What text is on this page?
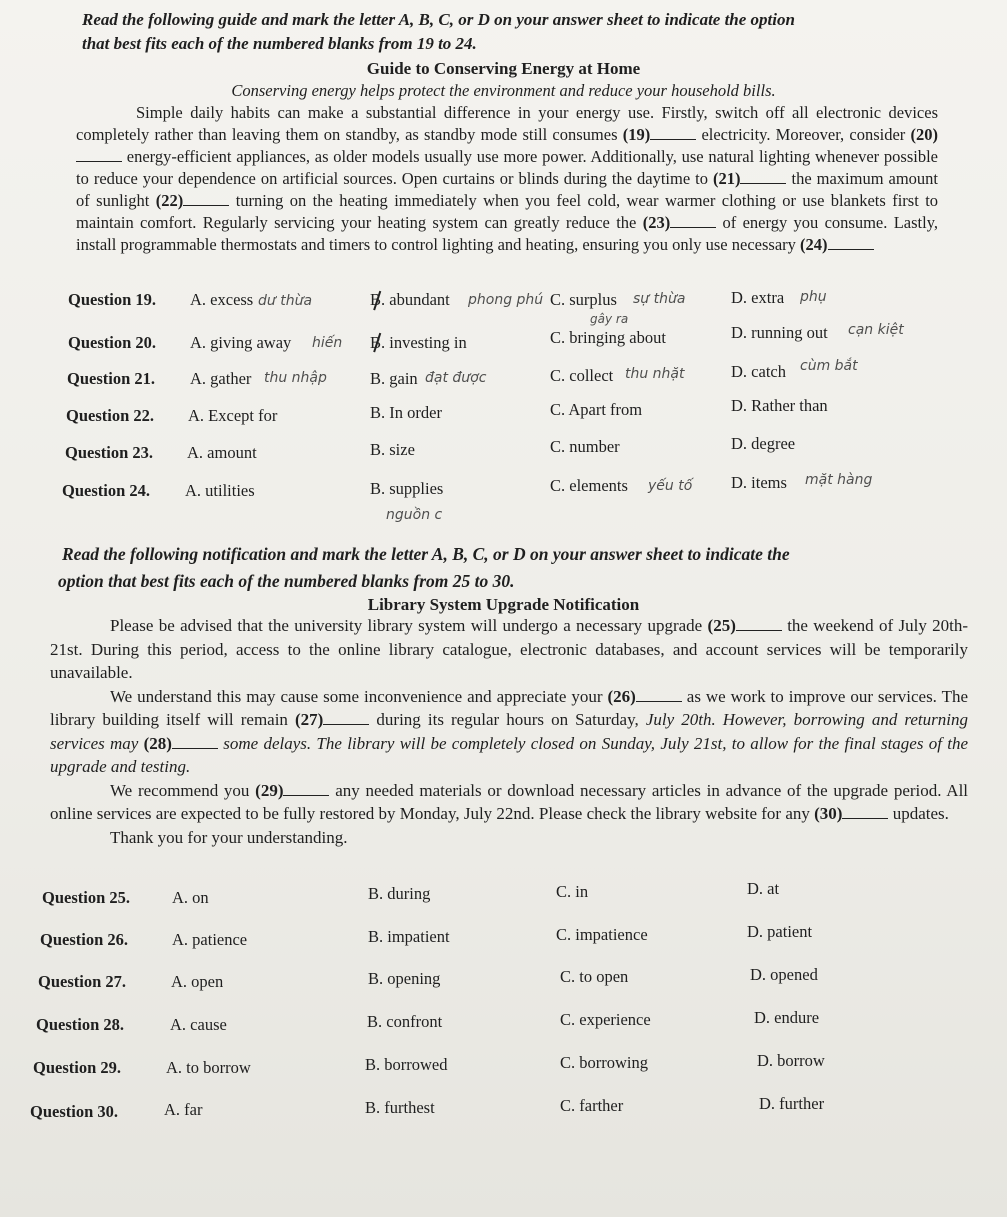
Read the following guide and mark the letter A, B, C, or D on your answer sheet to indicate the option
that best fits each of the numbered blanks from 19 to 24.
Guide to Conserving Energy at Home
Conserving energy helps protect the environment and reduce your household bills.
Simple daily habits can make a substantial difference in your energy use. Firstly, switch off all electronic devices completely rather than leaving them on standby, as standby mode still consumes (19)	electricity. Moreover, consider (20) energy-efficient appliances, as older models usually use more power. Additionally, use natural lighting whenever possible to reduce your dependence on artificial sources. Open curtains or blinds during the daytime to (21)	the maximum amount of sunlight (22)	turning on the heating immediately when you feel cold, wear warmer clothing or use blankets first to maintain comfort. Regularly servicing your heating system can greatly reduce the (23)	of energy you consume. Lastly, install programmable thermostats and timers to control lighting and heating, ensuring you only use necessary (24)
Question 19. A. excess	B. abundant	C. surplus	D. extra
Question 20. A. giving away	B. investing in	C. bringing about	D. running out
Question 21. A. gather	B. gain	C. collect	D. catch
Question 22. A. Except for	B. In order	C. Apart from	D. Rather than
Question 23. A. amount	B. size	C. number	D. degree
Question 24. A. utilities	B. supplies	C. elements	D. items
dư thừa	phong phú	sự thừa	phụ
hiến
gây ra
cạn kiệt
thu nhập	đạt được	thu nhặt	cùm bắt
yếu tố	mặt hàng
nguồn c
Read the following notification and mark the letter A, B, C, or D on your answer sheet to indicate the
option that best fits each of the numbered blanks from 25 to 30.
Library System Upgrade Notification
Please be advised that the university library system will undergo a necessary upgrade (25)	the weekend of July 20th-21st. During this period, access to the online library catalogue, electronic databases, and account services will be temporarily unavailable.
We understand this may cause some inconvenience and appreciate your (26)	as we work to improve our services. The library building itself will remain (27)	during its regular hours on Saturday, July 20th. However, borrowing and returning services may (28)	some delays. The library will be completely closed on Sunday, July 21st, to allow for the final stages of the upgrade and testing.
We recommend you (29)	any needed materials or download necessary articles in advance of the upgrade period. All online services are expected to be fully restored by Monday, July 22nd. Please check the library website for any (30)	updates.
Thank you for your understanding.
Question 25.	A. on	B. during	C. in	D. at
Question 26.	A. patience	B. impatient	C. impatience	D. patient
Question 27.	A. open	B. opening	C. to open	D. opened
Question 28.	A. cause	B. confront	C. experience	D. endure
Question 29.	A. to borrow	B. borrowed	C. borrowing	D. borrow
Question 30.	A. far	B. furthest	C. farther	D. further
